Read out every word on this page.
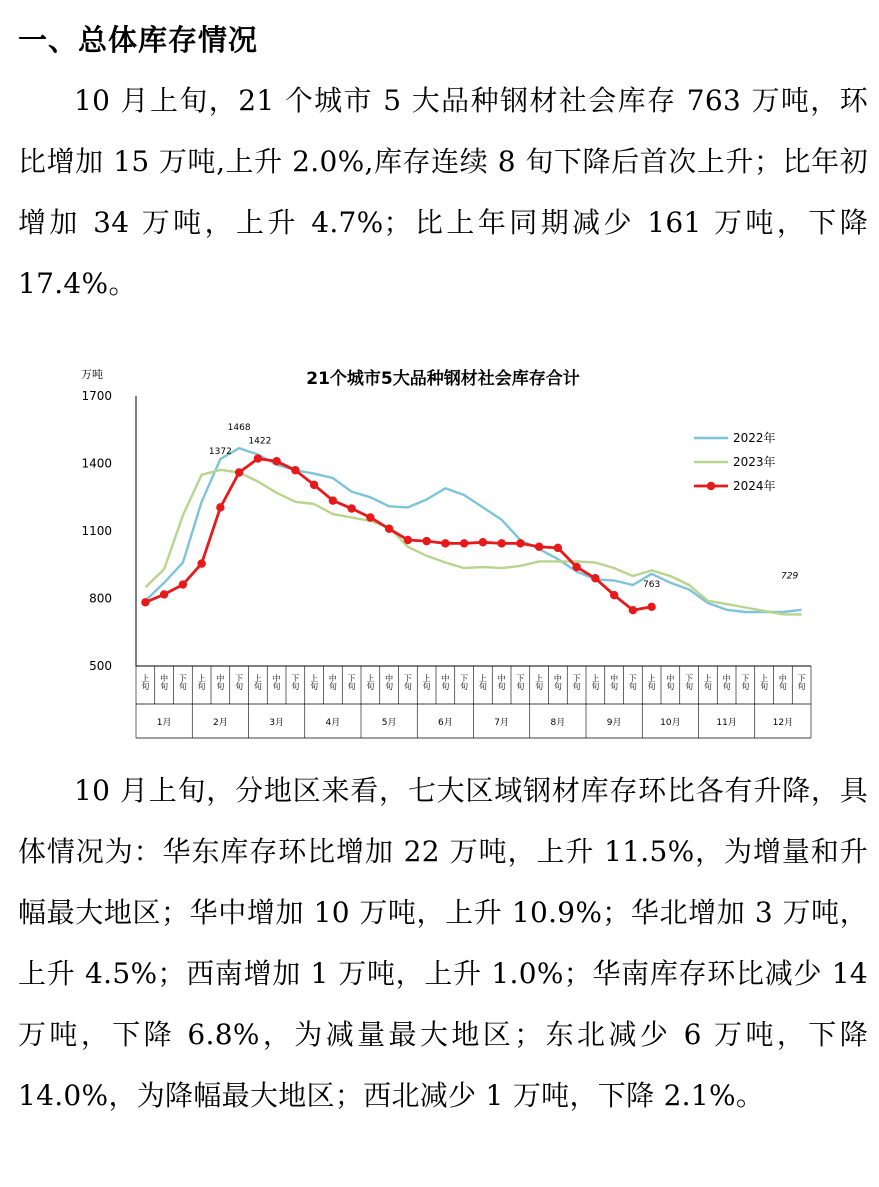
一、总体库存情况

10 月上旬，21 个城市 5 大品种钢材社会库存 763 万吨，环比增加 15 万吨,上升 2.0%,库存连续 8 旬下降后首次上升；比年初增加 34 万吨，上升 4.7%；比上年同期减少 161 万吨，下降 17.4%。

21个城市5大品种钢材社会库存合计
万吨
500
800
1100
1400
1700
上旬 中旬 下旬 上旬 中旬 下旬 上旬 中旬 下旬 上旬 中旬 下旬 上旬 中旬 下旬 上旬 中旬 下旬 上旬 中旬 下旬 上旬 中旬 下旬 上旬 中旬 下旬 上旬 中旬 下旬 上旬 中旬 下旬 上旬 中旬 下旬
1月	2月	3月	4月	5月	6月	7月	8月	9月	10月	11月	12月
1468
1372
1422
763
729
2022年
2023年
2024年

10 月上旬，分地区来看，七大区域钢材库存环比各有升降，具体情况为：华东库存环比增加 22 万吨，上升 11.5%，为增量和升幅最大地区；华中增加 10 万吨，上升 10.9%；华北增加 3 万吨，上升 4.5%；西南增加 1 万吨，上升 1.0%；华南库存环比减少 14 万吨，下降 6.8%，为减量最大地区；东北减少 6 万吨，下降 14.0%，为降幅最大地区；西北减少 1 万吨，下降 2.1%。
